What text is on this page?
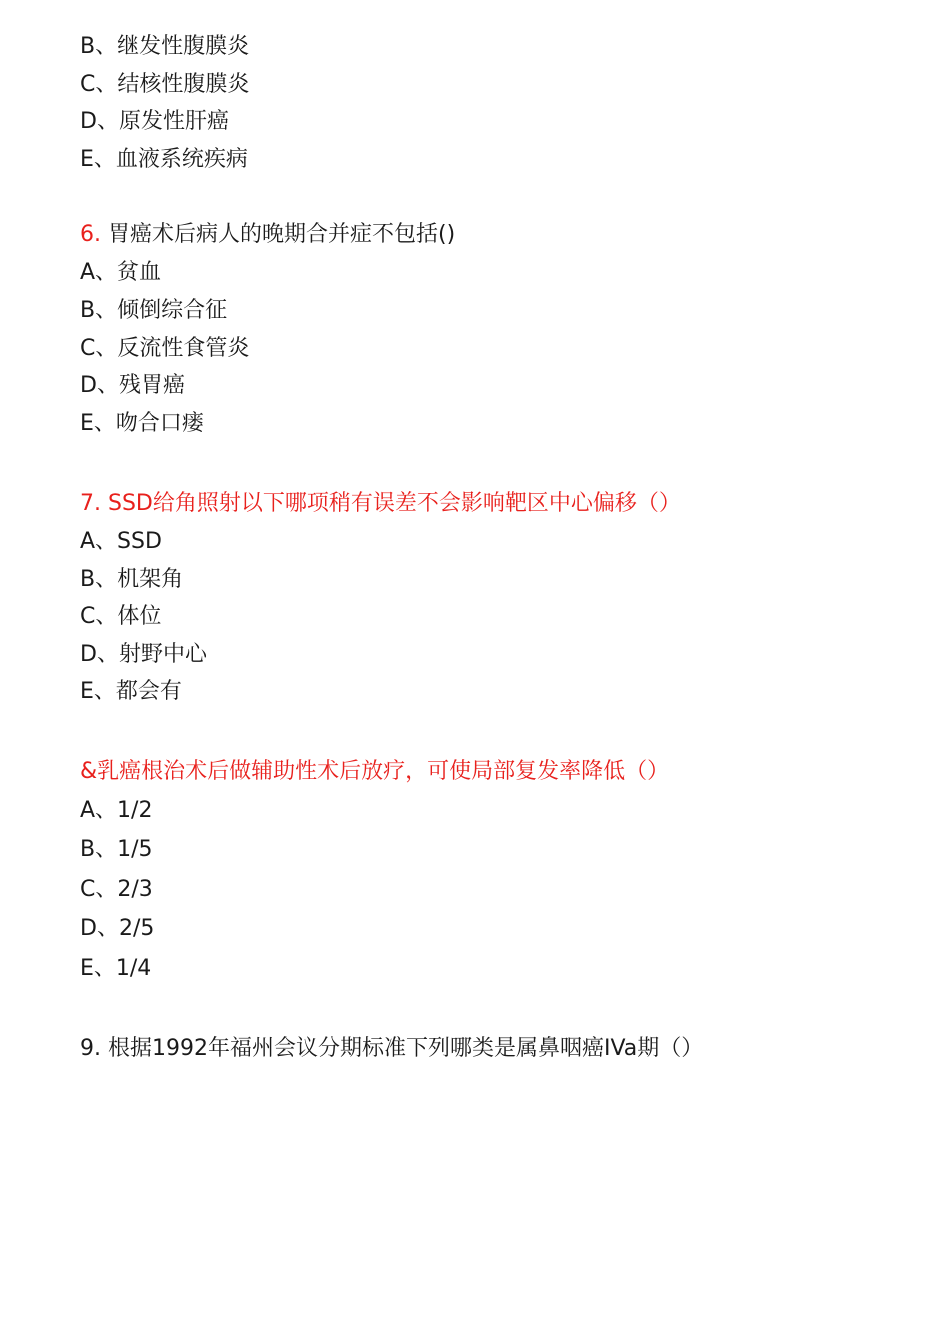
B、继发性腹膜炎
C、结核性腹膜炎
D、原发性肝癌
E、血液系统疾病
6. 胃癌术后病人的晚期合并症不包括()
A、贫血
B、倾倒综合征
C、反流性食管炎
D、残胃癌
E、吻合口瘘
7. SSD给角照射以下哪项稍有误差不会影响靶区中心偏移（）
A、SSD
B、机架角
C、体位
D、射野中心
E、都会有
&乳癌根治术后做辅助性术后放疗，可使局部复发率降低（）
A、1/2
B、1/5
C、2/3
D、2/5
E、1/4
9. 根据1992年福州会议分期标准下列哪类是属鼻咽癌IVa期（）
